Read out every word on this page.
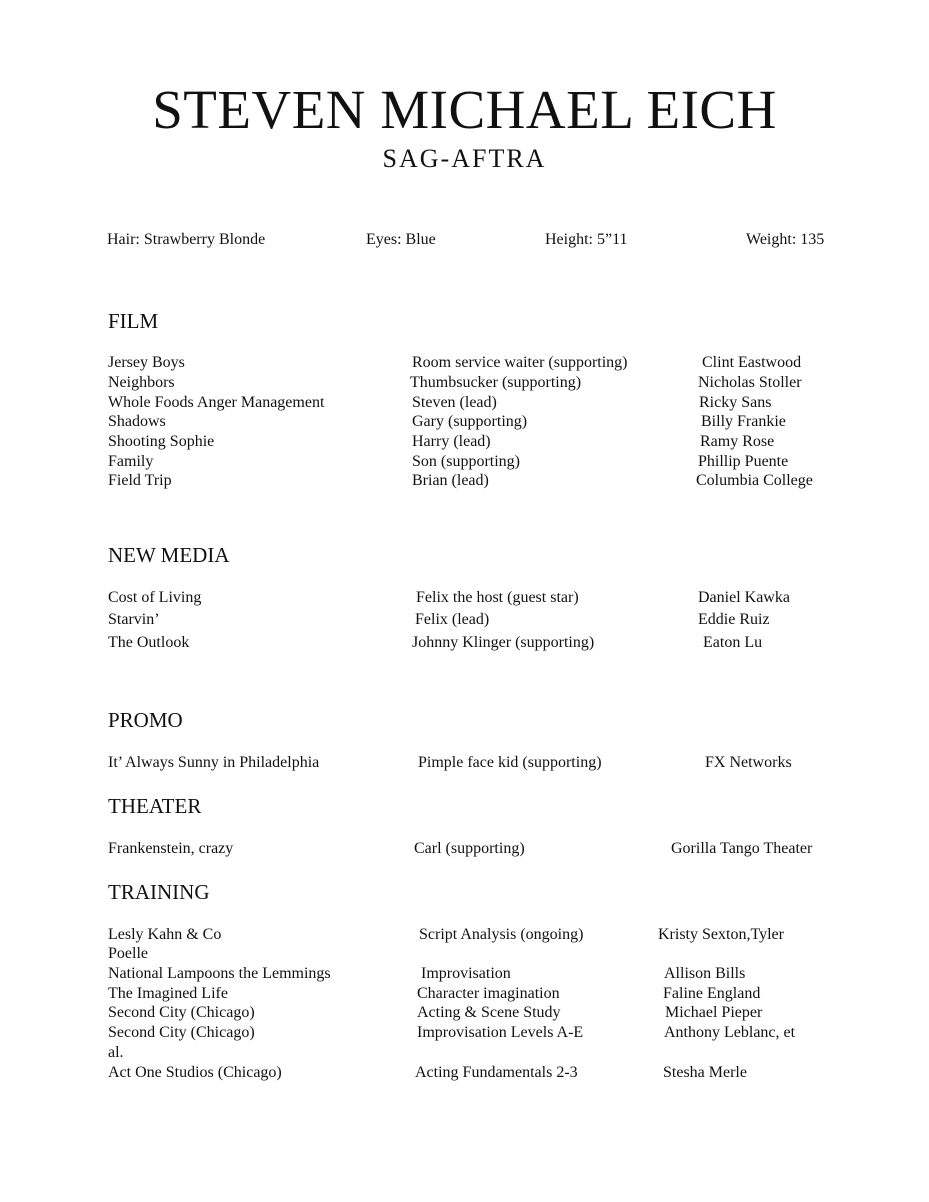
STEVEN MICHAEL EICH
SAG-AFTRA
Hair: Strawberry Blonde	Eyes: Blue	Height: 5”11	Weight: 135
FILM
Jersey Boys	Room service waiter (supporting)	Clint Eastwood
Neighbors	Thumbsucker (supporting)	Nicholas Stoller
Whole Foods Anger Management	Steven (lead)	Ricky Sans
Shadows	Gary (supporting)	Billy Frankie
Shooting Sophie	Harry (lead)	Ramy Rose
Family	Son (supporting)	Phillip Puente
Field Trip	Brian (lead)	Columbia College
NEW MEDIA
Cost of Living	Felix the host (guest star)	Daniel Kawka
Starvin’	Felix (lead)	Eddie Ruiz
The Outlook	Johnny Klinger (supporting)	Eaton Lu
PROMO
It’ Always Sunny in Philadelphia	Pimple face kid (supporting)	FX Networks
THEATER
Frankenstein, crazy	Carl (supporting)	Gorilla Tango Theater
TRAINING
Lesly Kahn & Co	Script Analysis (ongoing)	Kristy Sexton,Tyler
Poelle
National Lampoons the Lemmings	Improvisation	Allison Bills
The Imagined Life	Character imagination	Faline England
Second City (Chicago)	Acting & Scene Study	Michael Pieper
Second City (Chicago)	Improvisation Levels A-E	Anthony Leblanc, et
al.
Act One Studios (Chicago)	Acting Fundamentals 2-3	Stesha Merle
